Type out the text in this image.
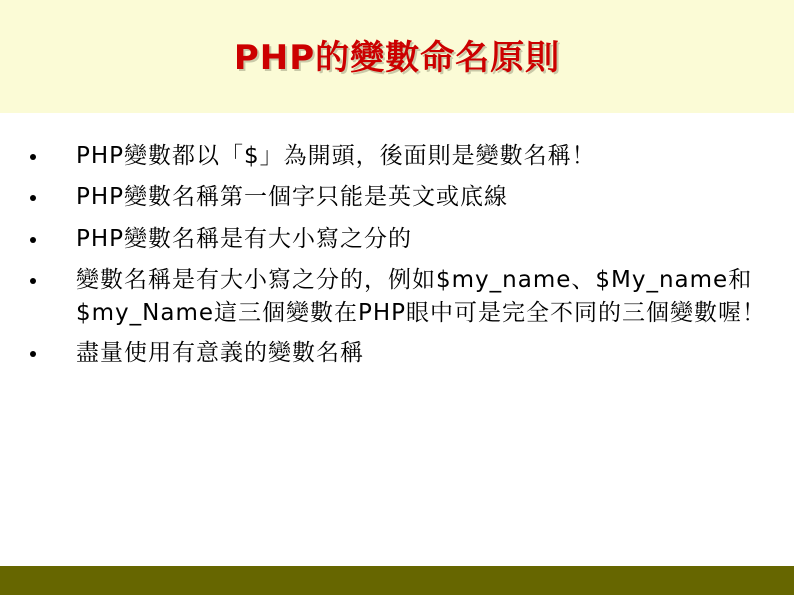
PHP的變數命名原則
PHP變數都以「$」為開頭，後面則是變數名稱！
PHP變數名稱第一個字只能是英文或底線
PHP變數名稱是有大小寫之分的
變數名稱是有大小寫之分的，例如$my_name、$My_name和$my_Name這三個變數在PHP眼中可是完全不同的三個變數喔！
盡量使用有意義的變數名稱
